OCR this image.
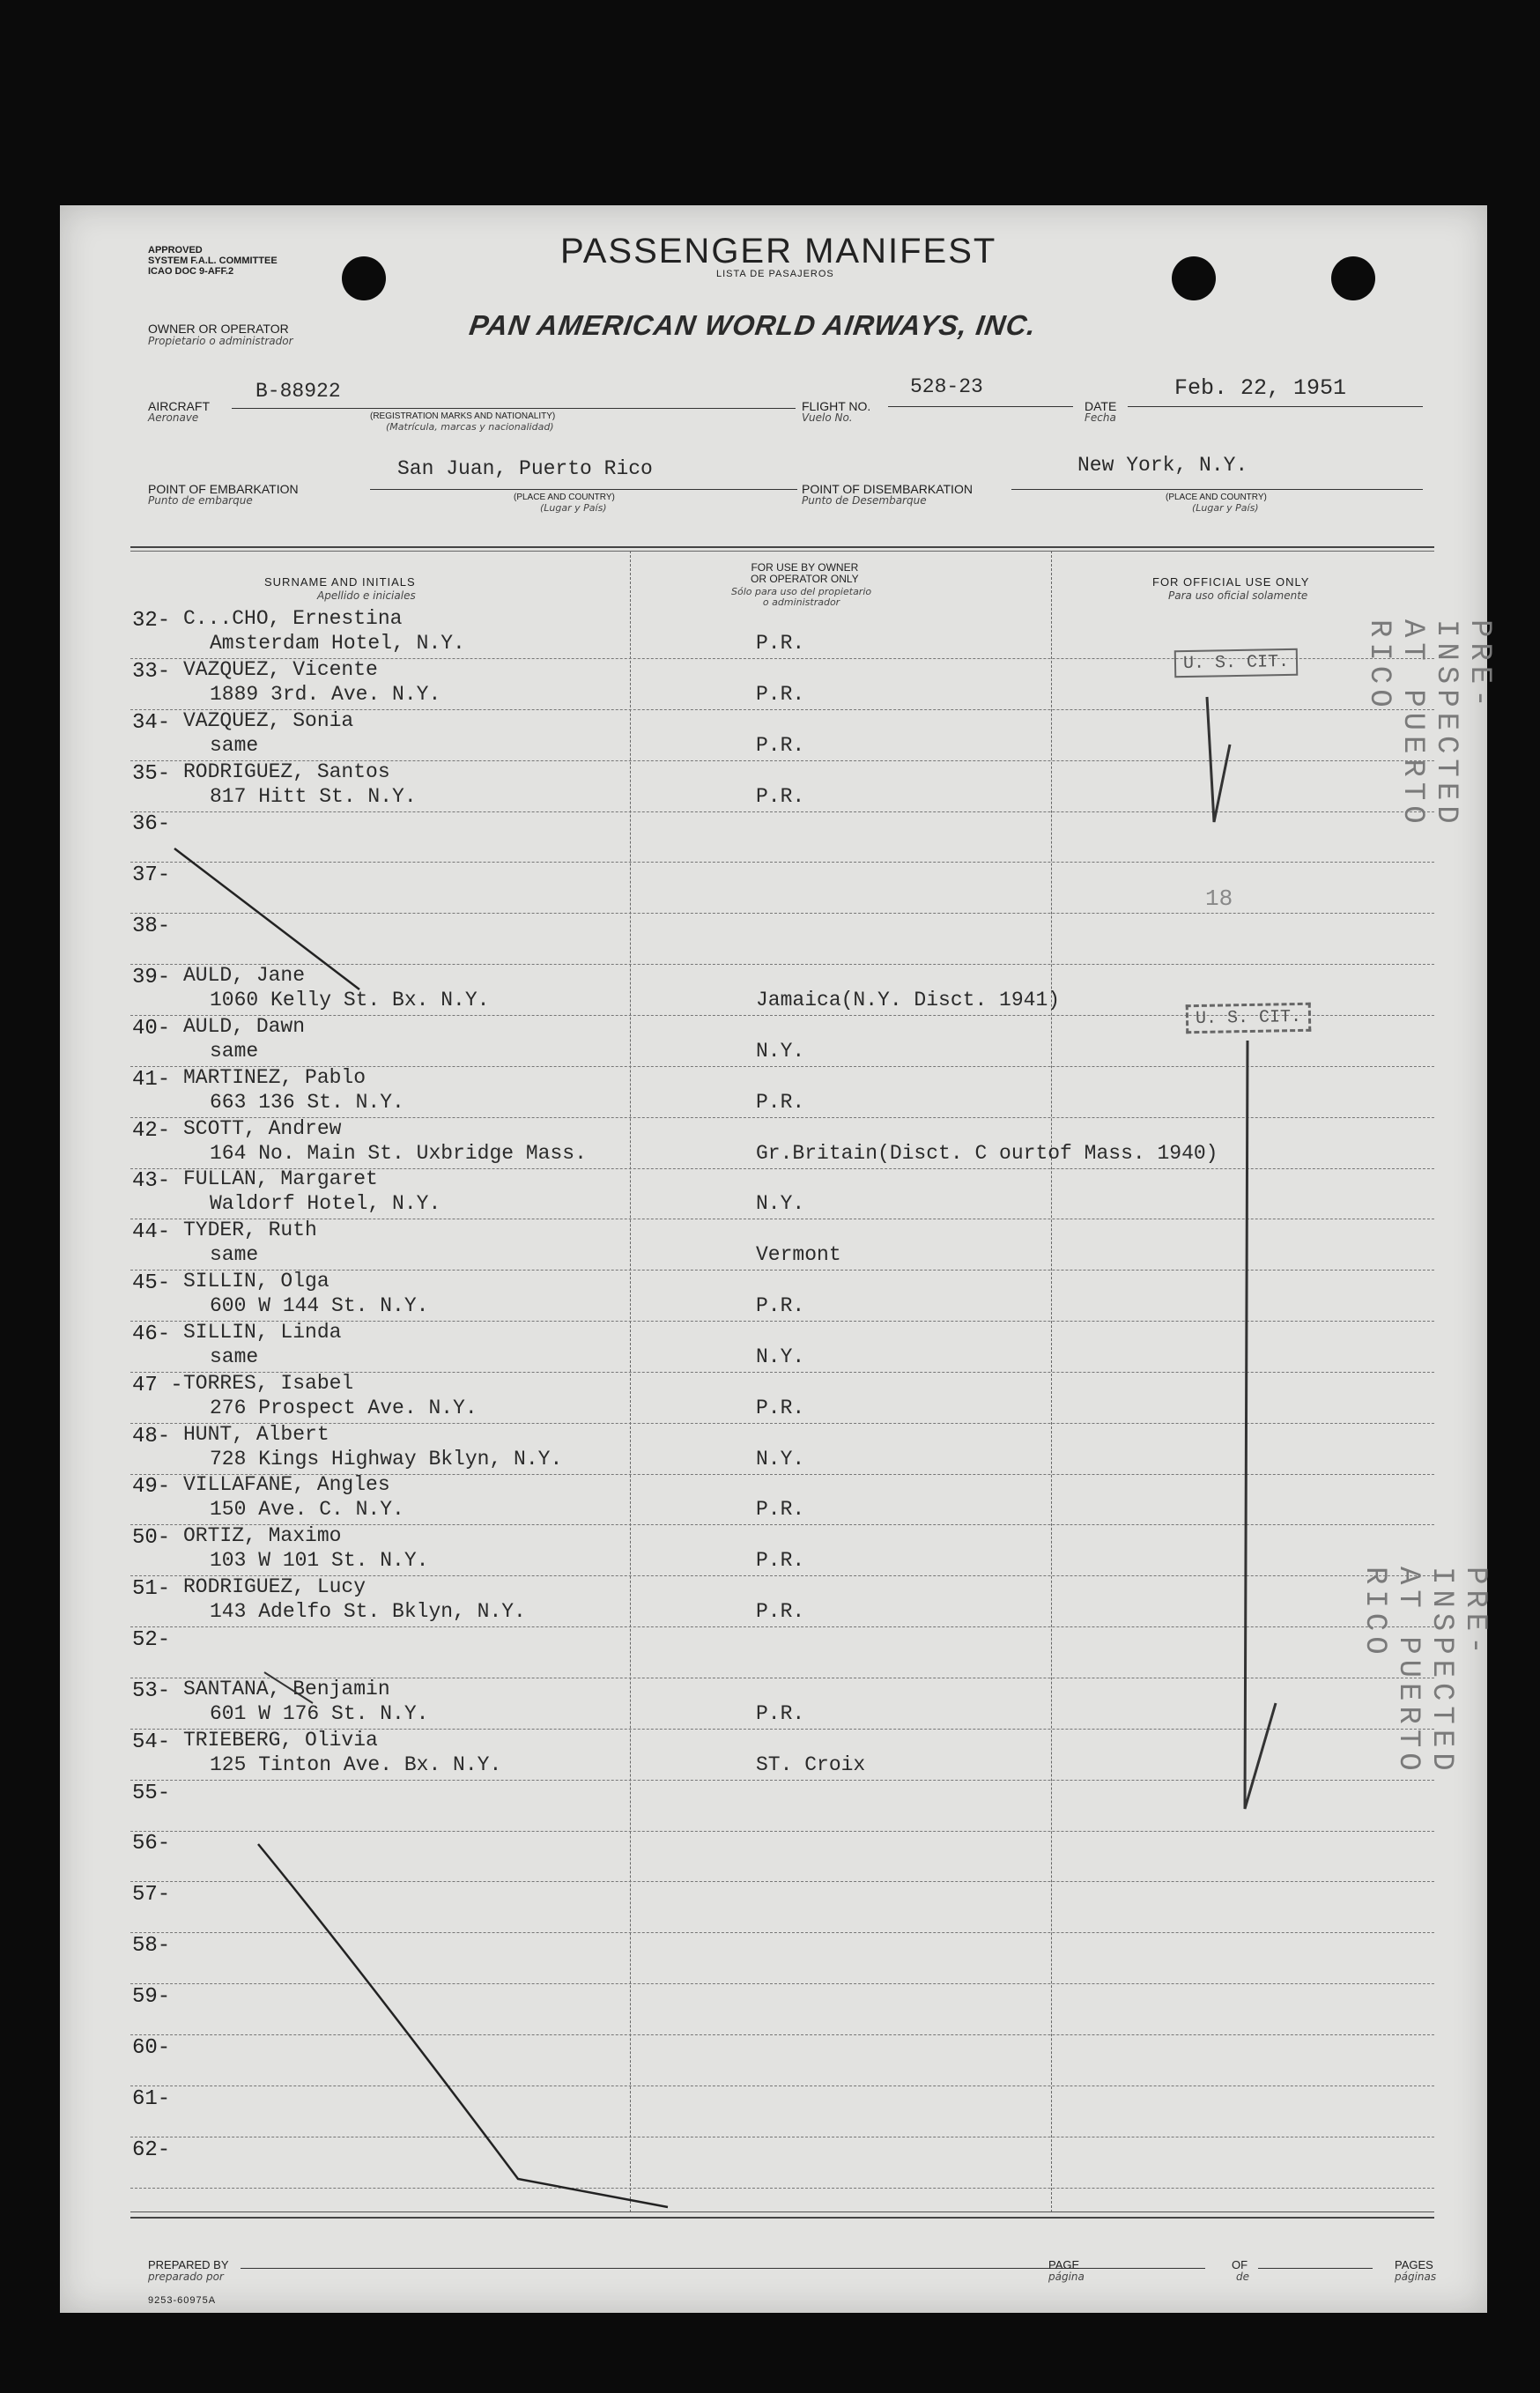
APPROVED
SYSTEM F.A.L. COMMITTEE
ICAO DOC 9-AFF.2
PASSENGER MANIFEST
LISTA DE PASAJEROS
OWNER OR OPERATOR
Propietario o administrador	PAN AMERICAN WORLD AIRWAYS, INC.
AIRCRAFT
Aeronave
B-88922
(REGISTRATION MARKS AND NATIONALITY)
(Matrícula, marcas y nacionalidad)
FLIGHT NO.
Vuelo No.
528-23
DATE
Fecha
Feb. 22, 1951
POINT OF EMBARKATION
Punto de embarque
San Juan, Puerto Rico
(PLACE AND COUNTRY)
(Lugar y País)
POINT OF DISEMBARKATION
Punto de Desembarque
New York, N.Y.
(PLACE AND COUNTRY)
(Lugar y País)
SURNAME AND INITIALS
Apellido e iniciales
FOR USE BY OWNER
OR OPERATOR ONLY
Sólo para uso del propietario
o administrador
FOR OFFICIAL USE ONLY
Para uso oficial solamente
32- C...CHO, Ernestina
Amsterdam Hotel, N.Y.	P.R.
33- VAZQUEZ, Vicente
1889 3rd. Ave. N.Y.	P.R.
34- VAZQUEZ, Sonia
same	P.R.
35- RODRIGUEZ, Santos
817 Hitt St. N.Y.	P.R.
36-
37-
38-
39- AULD, Jane
1060 Kelly St. Bx. N.Y.	Jamaica(N.Y. Disct. 1941)
40- AULD, Dawn
same	N.Y.
41- MARTINEZ, Pablo
663 136 St. N.Y.	P.R.
42- SCOTT, Andrew
164 No. Main St. Uxbridge Mass.	Gr.Britain(Disct. C ourtof Mass. 1940)
43- FULLAN, Margaret
Waldorf Hotel, N.Y.	N.Y.
44- TYDER, Ruth
same	Vermont
45- SILLIN, Olga
600 W 144 St. N.Y.	P.R.
46- SILLIN, Linda
same	N.Y.
47 - TORRES, Isabel
276 Prospect Ave. N.Y.	P.R.
48- HUNT, Albert
728 Kings Highway Bklyn, N.Y.	N.Y.
49- VILLAFANE, Angles
150 Ave. C. N.Y.	P.R.
50- ORTIZ, Maximo
103 W 101 St. N.Y.	P.R.
51- RODRIGUEZ, Lucy
143 Adelfo St. Bklyn, N.Y.	P.R.
52-
53- SANTANA, Benjamin
601 W 176 St. N.Y.	P.R.
54- TRIEBERG, Olivia
125 Tinton Ave. Bx. N.Y.	ST. Croix
55-
56-
57-
58-
59-
60-
61-
62-
U. S. CIT.
U. S. CIT.
18
PRE-INSPECTED AT PUERTO RICO
PRE-INSPECTED AT PUERTO RICO
PREPARED BY
preparado por
PAGE
página
OF
de
PAGES
páginas
9253-60975A
